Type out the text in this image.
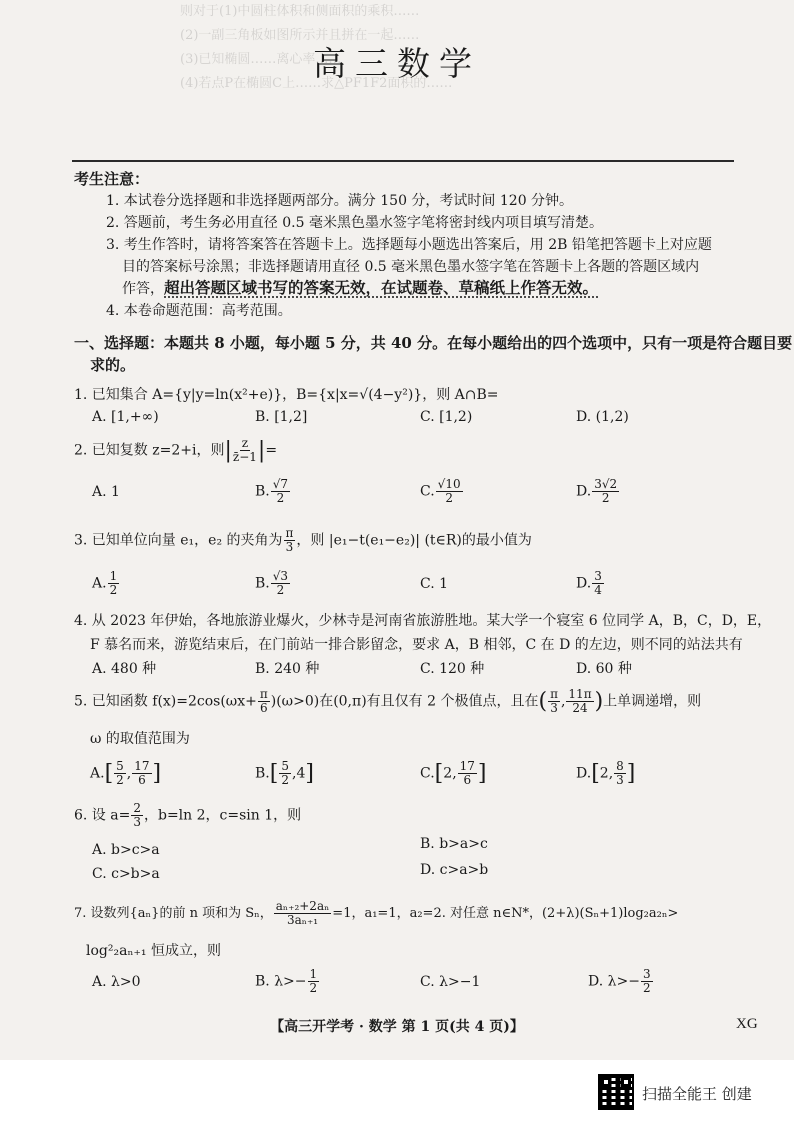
则对于(1)中圆柱体积和侧面积的乘积……
(2)一副三角板如图所示并且拼在一起……
(3)已知椭圆……离心率……
(4)若点P在椭圆C上……求△PF1F2面积的……
高三数学
考生注意：
1. 本试卷分选择题和非选择题两部分。满分 150 分，考试时间 120 分钟。
2. 答题前，考生务必用直径 0.5 毫米黑色墨水签字笔将密封线内项目填写清楚。
3. 考生作答时，请将答案答在答题卡上。选择题每小题选出答案后，用 2B 铅笔把答题卡上对应题
目的答案标号涂黑；非选择题请用直径 0.5 毫米黑色墨水签字笔在答题卡上各题的答题区域内
作答，超出答题区域书写的答案无效，在试题卷、草稿纸上作答无效。
4. 本卷命题范围：高考范围。
一、选择题：本题共 8 小题，每小题 5 分，共 40 分。在每小题给出的四个选项中，只有一项是符合题目要
求的。
1. 已知集合 A={y|y=ln(x²+e)}，B={x|x=√(4−y²)}，则 A∩B=
A. [1,+∞)	B. [1,2]	C. [1,2)	D. (1,2)
2. 已知复数 z=2+i，则| $\frac{z}{z̄-1}$ |=
A. 1	B. $\frac{√7}{2}$	C. $\frac{√10}{2}$	D. $\frac{3√2}{2}$
3. 已知单位向量 e₁，e₂ 的夹角为 $\frac{\pi}{3}$ ，则 |e₁−t(e₁−e₂)| (t∈R)的最小值为
A. $\frac{1}{2}$	B. $\frac{√3}{2}$	C. 1	D. $\frac{3}{4}$
4. 从 2023 年伊始，各地旅游业爆火，少林寺是河南省旅游胜地。某大学一个寝室 6 位同学 A，B，C，D，E，
F 慕名而来，游览结束后，在门前站一排合影留念，要求 A，B 相邻，C 在 D 的左边，则不同的站法共有
A. 480 种	B. 240 种	C. 120 种	D. 60 种
5. 已知函数 $f(x)=2\cos(\omega x+ \frac{\pi}{6} )(\omega>0)$在(0,π)有且仅有 2 个极值点，且在( $\frac{\pi}{3}$ , $\frac{11\pi}{24}$ )上单调递增，则
ω 的取值范围为
$A.[ \frac{5}{2}$ , $\frac{17}{6}$ ]	$B.[ \frac{5}{2} ,4]$	C.[2, $\frac{17}{6}$ ]	D.[2, $\frac{8}{3}$ ]
6. 设 $a= \frac{2}{3}$ ，b=ln 2，c=sin 1，则
A. b>c>a	B. b>a>c
C. c>b>a	D. c>a>b
7. 设数列{aₙ}的前 n 项和为 Sₙ， $\frac{\text{aₙ₊₂+2aₙ}}{\text{3aₙ₊₁}} =1$，a₁=1，a₂=2. 对任意 n∈N*，(2+λ)(Sₙ+1)log₂a₂ₙ>
log²₂aₙ₊₁ 恒成立，则
A. λ>0	B. $\lambda>- \frac{1}{2}$	C. λ>−1	D. $\lambda>- \frac{3}{2}$
【高三开学考 · 数学 第 1 页(共 4 页)】	XG
扫描全能王 创建
